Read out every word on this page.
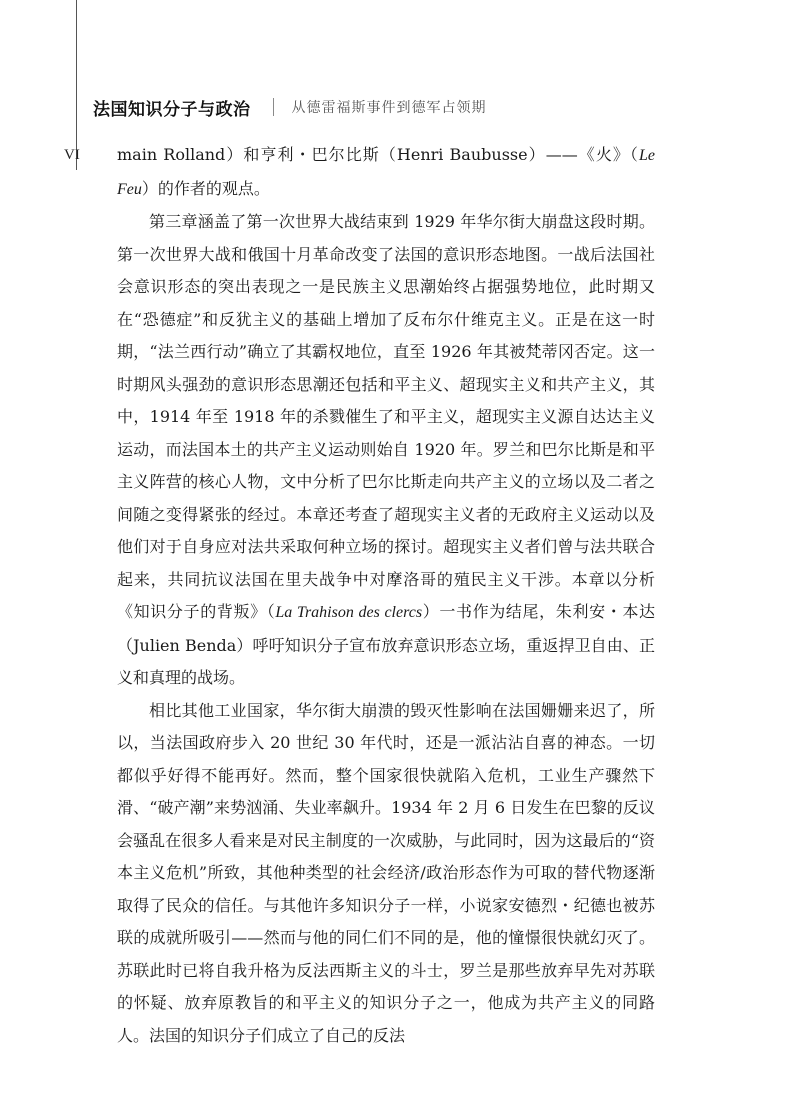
法国知识分子与政治	从德雷福斯事件到德军占领期
VI main Rolland）和亨利・巴尔比斯（Henri Baubusse）——《火》（Le Feu）的作者的观点。

第三章涵盖了第一次世界大战结束到 1929 年华尔街大崩盘这段时期。第一次世界大战和俄国十月革命改变了法国的意识形态地图。一战后法国社会意识形态的突出表现之一是民族主义思潮始终占据强势地位，此时期又在“恐德症”和反犹主义的基础上增加了反布尔什维克主义。正是在这一时期，“法兰西行动”确立了其霸权地位，直至 1926 年其被梵蒂冈否定。这一时期风头强劲的意识形态思潮还包括和平主义、超现实主义和共产主义，其中，1914 年至 1918 年的杀戮催生了和平主义，超现实主义源自达达主义运动，而法国本土的共产主义运动则始自 1920 年。罗兰和巴尔比斯是和平主义阵营的核心人物，文中分析了巴尔比斯走向共产主义的立场以及二者之间随之变得紧张的经过。本章还考查了超现实主义者的无政府主义运动以及他们对于自身应对法共采取何种立场的探讨。超现实主义者们曾与法共联合起来，共同抗议法国在里夫战争中对摩洛哥的殖民主义干涉。本章以分析《知识分子的背叛》（La Trahison des clercs）一书作为结尾，朱利安・本达（Julien Benda）呼吁知识分子宣布放弃意识形态立场，重返捍卫自由、正义和真理的战场。

相比其他工业国家，华尔街大崩溃的毁灭性影响在法国姗姗来迟了，所以，当法国政府步入 20 世纪 30 年代时，还是一派沾沾自喜的神态。一切都似乎好得不能再好。然而，整个国家很快就陷入危机，工业生产骤然下滑、“破产潮”来势汹涌、失业率飙升。1934 年 2 月 6 日发生在巴黎的反议会骚乱在很多人看来是对民主制度的一次威胁，与此同时，因为这最后的“资本主义危机”所致，其他种类型的社会经济/政治形态作为可取的替代物逐渐取得了民众的信任。与其他许多知识分子一样，小说家安德烈・纪德也被苏联的成就所吸引——然而与他的同仁们不同的是，他的憧憬很快就幻灭了。苏联此时已将自我升格为反法西斯主义的斗士，罗兰是那些放弃早先对苏联的怀疑、放弃原教旨的和平主义的知识分子之一，他成为共产主义的同路人。法国的知识分子们成立了自己的反法
